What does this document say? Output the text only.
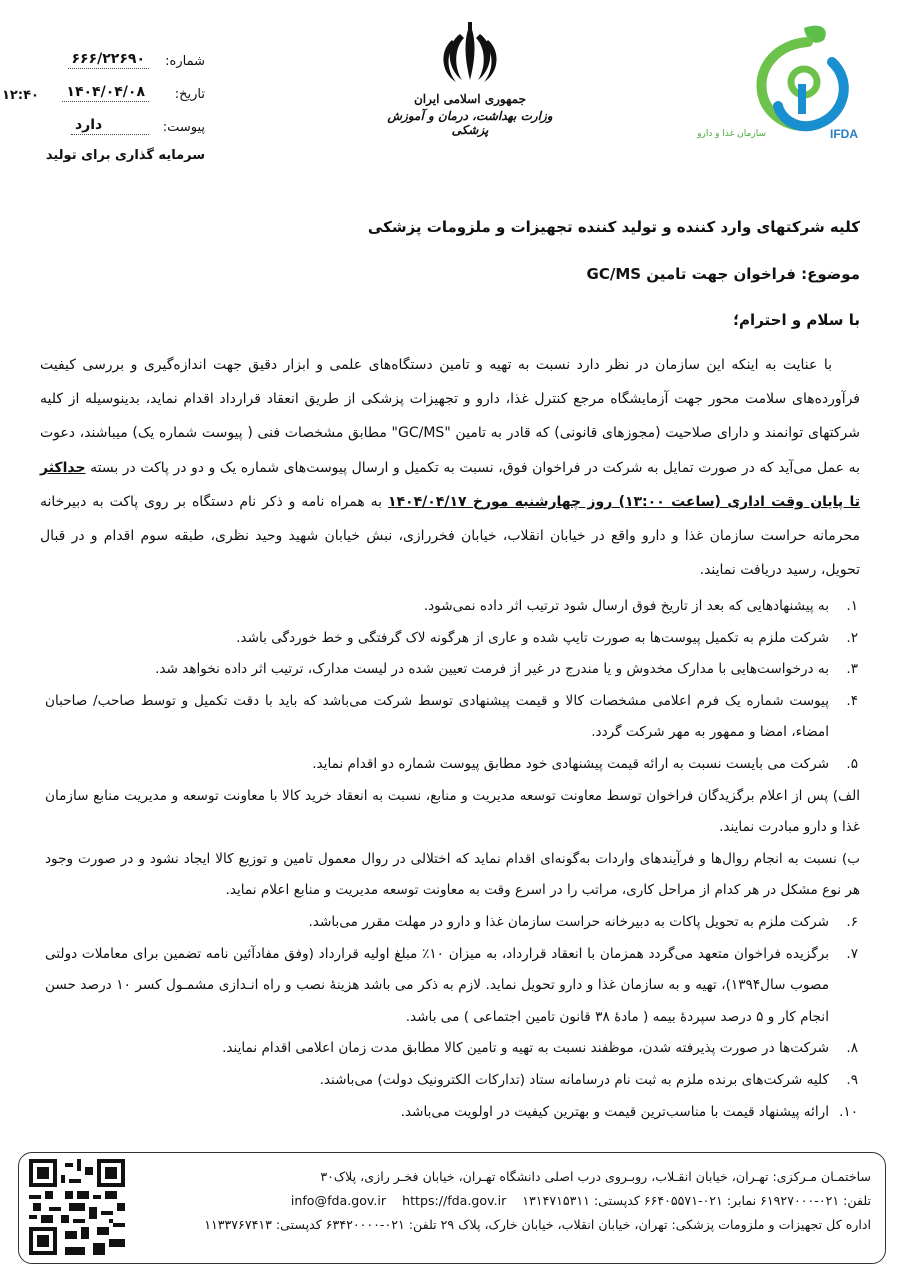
IFDA
سازمان غذا و دارو
جمهوری اسلامی ایران
وزارت بهداشت، درمان و آموزش پزشکی
شماره:
۶۶۶/۲۲۶۹۰
تاریخ:
۱۴۰۴/۰۴/۰۸
پیوست:
دارد
۱۲:۴۰
سرمایه گذاری برای تولید
کلیه شرکتهای وارد کننده و تولید کننده تجهیزات و ملزومات پزشکی
موضوع: فراخوان جهت تامین GC/MS
با سلام و احترام؛
با عنایت به اینکه این سازمان در نظر دارد نسبت به تهیه و تامین دستگاه‌های علمی و ابزار دقیق جهت اندازه‌گیری و بررسی کیفیت فرآورده‌های سلامت محور جهت آزمایشگاه مرجع کنترل غذا، دارو و تجهیزات پزشکی از طریق انعقاد قرارداد اقدام نماید، بدینوسیله از کلیه شرکتهای توانمند و دارای صلاحیت (مجوزهای قانونی) که قادر به تامین "GC/MS" مطابق مشخصات فنی ( پیوست شماره یک) میباشند، دعوت به عمل می‌آید که در صورت تمایل به شرکت در فراخوان فوق، نسبت به تکمیل و ارسال پیوست‌های شماره یک و دو در پاکت در بسته حداکثر تا پایان وقت اداری (ساعت ۱۳:۰۰) روز چهارشنبه مورخ ۱۴۰۴/۰۴/۱۷ به همراه نامه و ذکر نام دستگاه بر روی پاکت به دبیرخانه محرمانه حراست سازمان غذا و دارو واقع در خیابان انقلاب، خیابان فخررازی، نبش خیابان شهید وحید نظری، طبقه سوم اقدام و در قبال تحویل، رسید دریافت نمایند.
۱.
به پیشنهادهایی که بعد از تاریخ فوق ارسال شود ترتیب اثر داده نمی‌شود.
۲.
شرکت ملزم به تکمیل پیوست‌ها به صورت تایپ شده و عاری از هرگونه لاک گرفتگی و خط خوردگی باشد.
۳.
به درخواست‌هایی با مدارک مخدوش و یا مندرج در غیر از فرمت تعیین شده در لیست مدارک، ترتیب اثر داده نخواهد شد.
۴.
پیوست شماره یک فرم اعلامی مشخصات کالا و قیمت پیشنهادی توسط شرکت می‌باشد که باید با دقت تکمیل و توسط صاحب/ صاحبان امضاء، امضا و ممهور به مهر شرکت گردد.
۵.
شرکت می بایست نسبت به ارائه قیمت پیشنهادی خود مطابق پیوست شماره دو اقدام نماید.
الف) پس از اعلام برگزیدگان فراخوان توسط معاونت توسعه مدیریت و منابع، نسبت به انعقاد خرید کالا با معاونت توسعه و مدیریت منابع سازمان غذا و دارو مبادرت نمایند.
ب) نسبت به انجام روال‌ها و فرآیندهای واردات به‌گونه‌ای اقدام نماید که اختلالی در روال معمول تامین و توزیع کالا ایجاد نشود و در صورت وجود هر نوع مشکل در هر کدام از مراحل کاری، مراتب را در اسرع وقت به معاونت توسعه مدیریت و منابع اعلام نماید.
۶.
شرکت ملزم به تحویل پاکات به دبیرخانه حراست سازمان غذا و دارو در مهلت مقرر می‌باشد.
۷.
برگزیده فراخوان متعهد می‌گردد همزمان با انعقاد قرارداد، به میزان ۱۰٪ مبلغ اولیه قرارداد (وفق مفادآئین نامه تضمین برای معاملات دولتی مصوب سال۱۳۹۴)، تهیه و به سازمان غذا و دارو تحویل نماید. لازم به ذکر می باشد هزینهٔ نصب و راه انـدازی مشمـول کسر ۱۰ درصد حسن انجام کار و ۵ درصد سپردهٔ بیمه ( مادهٔ ۳۸ قانون تامین اجتماعی ) می باشد.
۸.
شرکت‌ها در صورت پذیرفته شدن، موظفند نسبت به تهیه و تامین کالا مطابق مدت زمان اعلامی اقدام نمایند.
۹.
کلیه شرکت‌های برنده ملزم به ثبت نام درسامانه ستاد (تدارکات الکترونیک دولت) می‌باشند.
۱۰.
ارائه پیشنهاد قیمت با مناسب‌ترین قیمت و بهترین کیفیت در اولویت می‌باشد.
ساختمـان مـرکزی: تهـران، خیابان انقـلاب، روبـروی درب اصلی دانشگاه تهـران، خیابان فخـر رازی، پلاک۳۰
تلفن: ۰۲۱-۶۱۹۲۷۰۰۰ نمابر: ۰۲۱-۶۶۴۰۵۵۷۱ کدپستی: ۱۳۱۴۷۱۵۳۱۱    info@fda.gov.ir https://fda.gov.ir
اداره کل تجهیزات و ملزومات پزشکی: تهران، خیابان انقلاب، خیابان خارک، پلاک ۲۹ تلفن: ۰۲۱-۶۳۴۲۰۰۰۰ کدپستی: ۱۱۳۳۷۶۷۴۱۳
